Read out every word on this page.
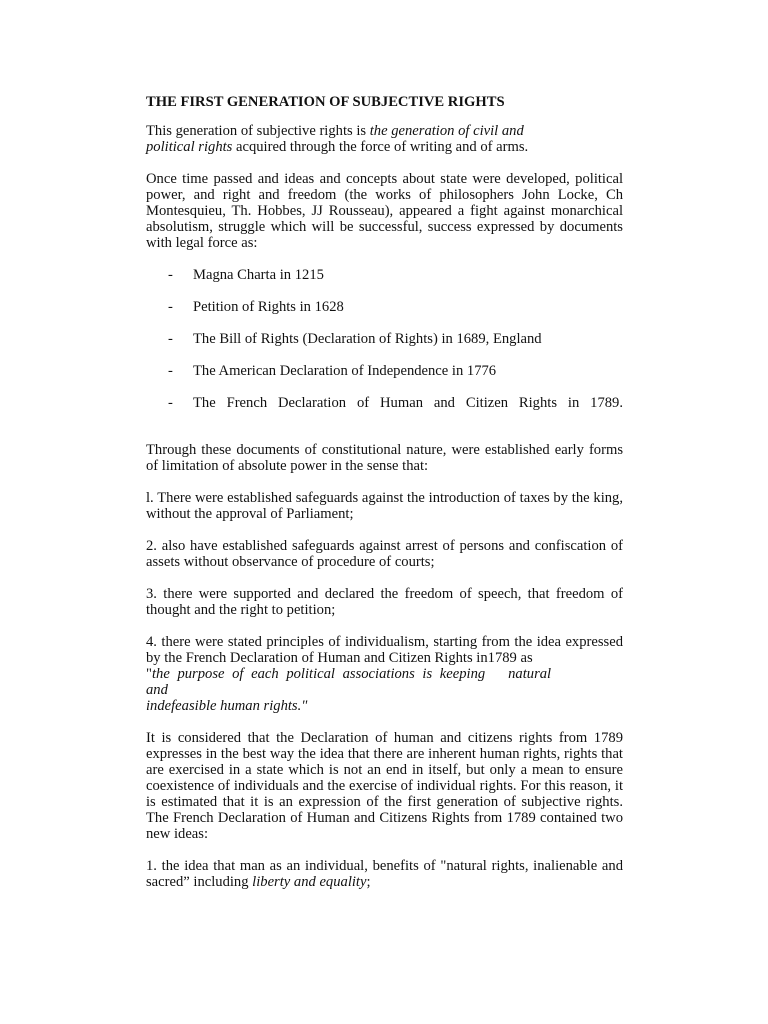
THE FIRST GENERATION OF SUBJECTIVE RIGHTS

This generation of subjective rights is the generation of civil and political rights acquired through the force of writing and of arms.

Once time passed and ideas and concepts about state were developed, political power, and right and freedom (the works of philosophers John Locke, Ch Montesquieu, Th. Hobbes, JJ Rousseau), appeared a fight against monarchical absolutism, struggle which will be successful, success expressed by documents with legal force as:

- Magna Charta in 1215
- Petition of Rights in 1628
- The Bill of Rights (Declaration of Rights) in 1689, England
- The American Declaration of Independence in 1776
- The French Declaration of Human and Citizen Rights in 1789.

Through these documents of constitutional nature, were established early forms of limitation of absolute power in the sense that:

l. There were established safeguards against the introduction of taxes by the king, without the approval of Parliament;

2. also have established safeguards against arrest of persons and confiscation of assets without observance of procedure of courts;

3. there were supported and declared the freedom of speech, that freedom of thought and the right to petition;

4. there were stated principles of individualism, starting from the idea expressed by the French Declaration of Human and Citizen Rights in1789 as
"the purpose of each political associations is keeping   natural
and
indefeasible human rights."

It is considered that the Declaration of human and citizens rights from 1789 expresses in the best way the idea that there are inherent human rights, rights that are exercised in a state which is not an end in itself, but only a mean to ensure coexistence of individuals and the exercise of individual rights. For this reason, it is estimated that it is an expression of the first generation of subjective rights. The French Declaration of Human and Citizens Rights from 1789 contained two new ideas:

1. the idea that man as an individual, benefits of "natural rights, inalienable and sacred” including liberty and equality;
